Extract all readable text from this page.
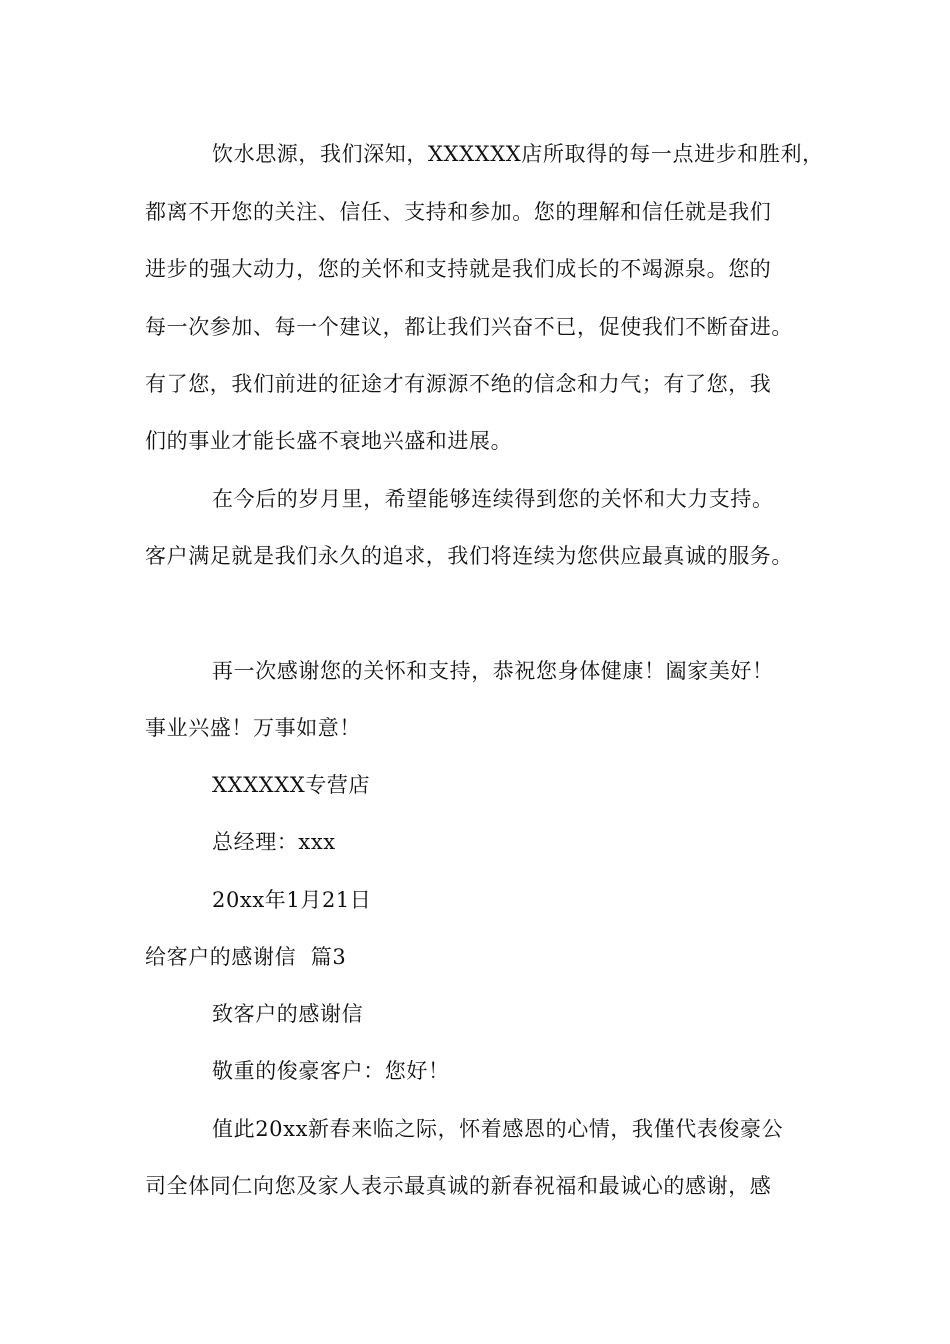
饮水思源，我们深知，XXXXXX店所取得的每一点进步和胜利，
都离不开您的关注、信任、支持和参加。您的理解和信任就是我们
进步的强大动力，您的关怀和支持就是我们成长的不竭源泉。您的
每一次参加、每一个建议，都让我们兴奋不已，促使我们不断奋进。
有了您，我们前进的征途才有源源不绝的信念和力气；有了您，我
们的事业才能长盛不衰地兴盛和进展。
在今后的岁月里，希望能够连续得到您的关怀和大力支持。
客户满足就是我们永久的追求，我们将连续为您供应最真诚的服务。
再一次感谢您的关怀和支持，恭祝您身体健康！阖家美好！
事业兴盛！万事如意！
XXXXXX专营店
总经理：xxx
20xx年1月21日
给客户的感谢信  篇3
致客户的感谢信
敬重的俊豪客户：您好！
值此20xx新春来临之际，怀着感恩的心情，我僅代表俊豪公
司全体同仁向您及家人表示最真诚的新春祝福和最诚心的感谢，感
